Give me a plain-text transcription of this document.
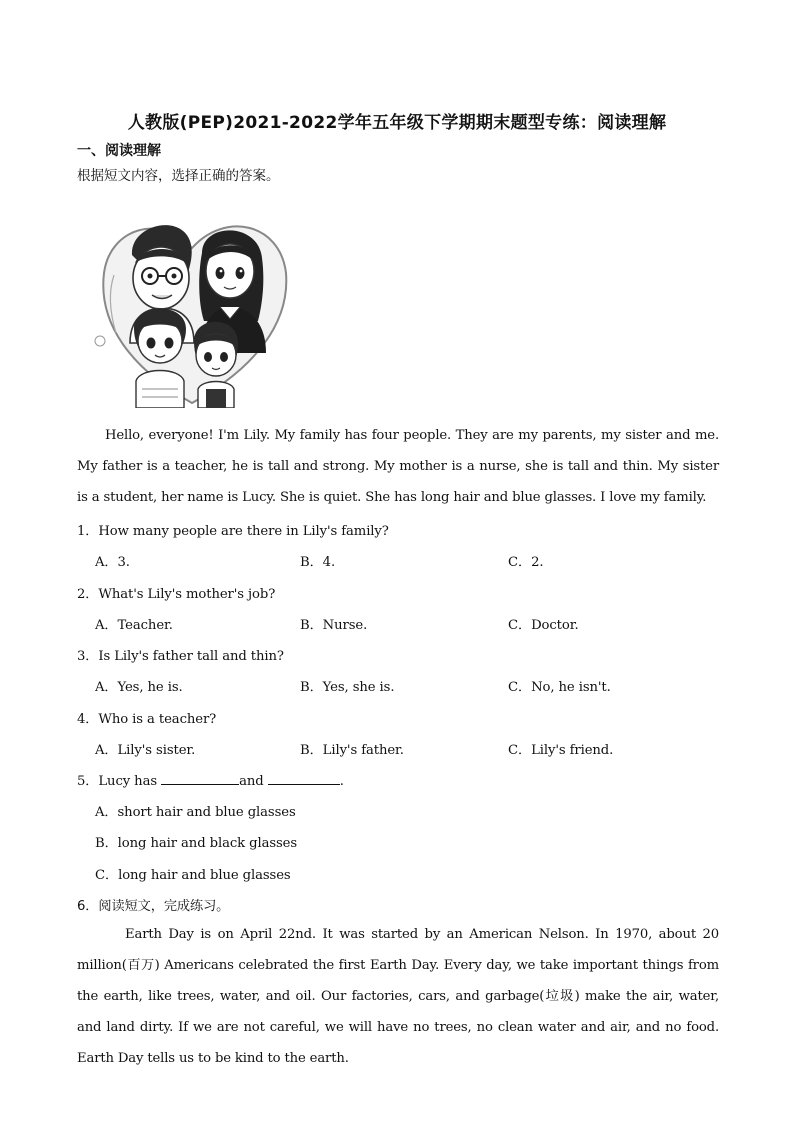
人教版(PEP)2021-2022学年五年级下学期期末题型专练：阅读理解
一、阅读理解
根据短文内容，选择正确的答案。
Hello, everyone! I'm Lily. My family has four people. They are my parents, my sister and me. My father is a teacher, he is tall and strong. My mother is a nurse, she is tall and thin. My sister is a student, her name is Lucy. She is quiet. She has long hair and blue glasses. I love my family.
1．How many people are there in Lily's family?
A．3.	B．4.	C．2.
2．What's Lily's mother's job?
A．Teacher.	B．Nurse.	C．Doctor.
3．Is Lily's father tall and thin?
A．Yes, he is.	B．Yes, she is.	C．No, he isn't.
4．Who is a teacher?
A．Lily's sister.	B．Lily's father.	C．Lily's friend.
5．Lucy has	and	.
A．short hair and blue glasses
B．long hair and black glasses
C．long hair and blue glasses
6．阅读短文，完成练习。
Earth Day is on April 22nd. It was started by an American Nelson. In 1970, about 20 million(百万) Americans celebrated the first Earth Day. Every day, we take important things from the earth, like trees, water, and oil. Our factories, cars, and garbage(垃圾) make the air, water, and land dirty. If we are not careful, we will have no trees, no clean water and air, and no food. Earth Day tells us to be kind to the earth.
